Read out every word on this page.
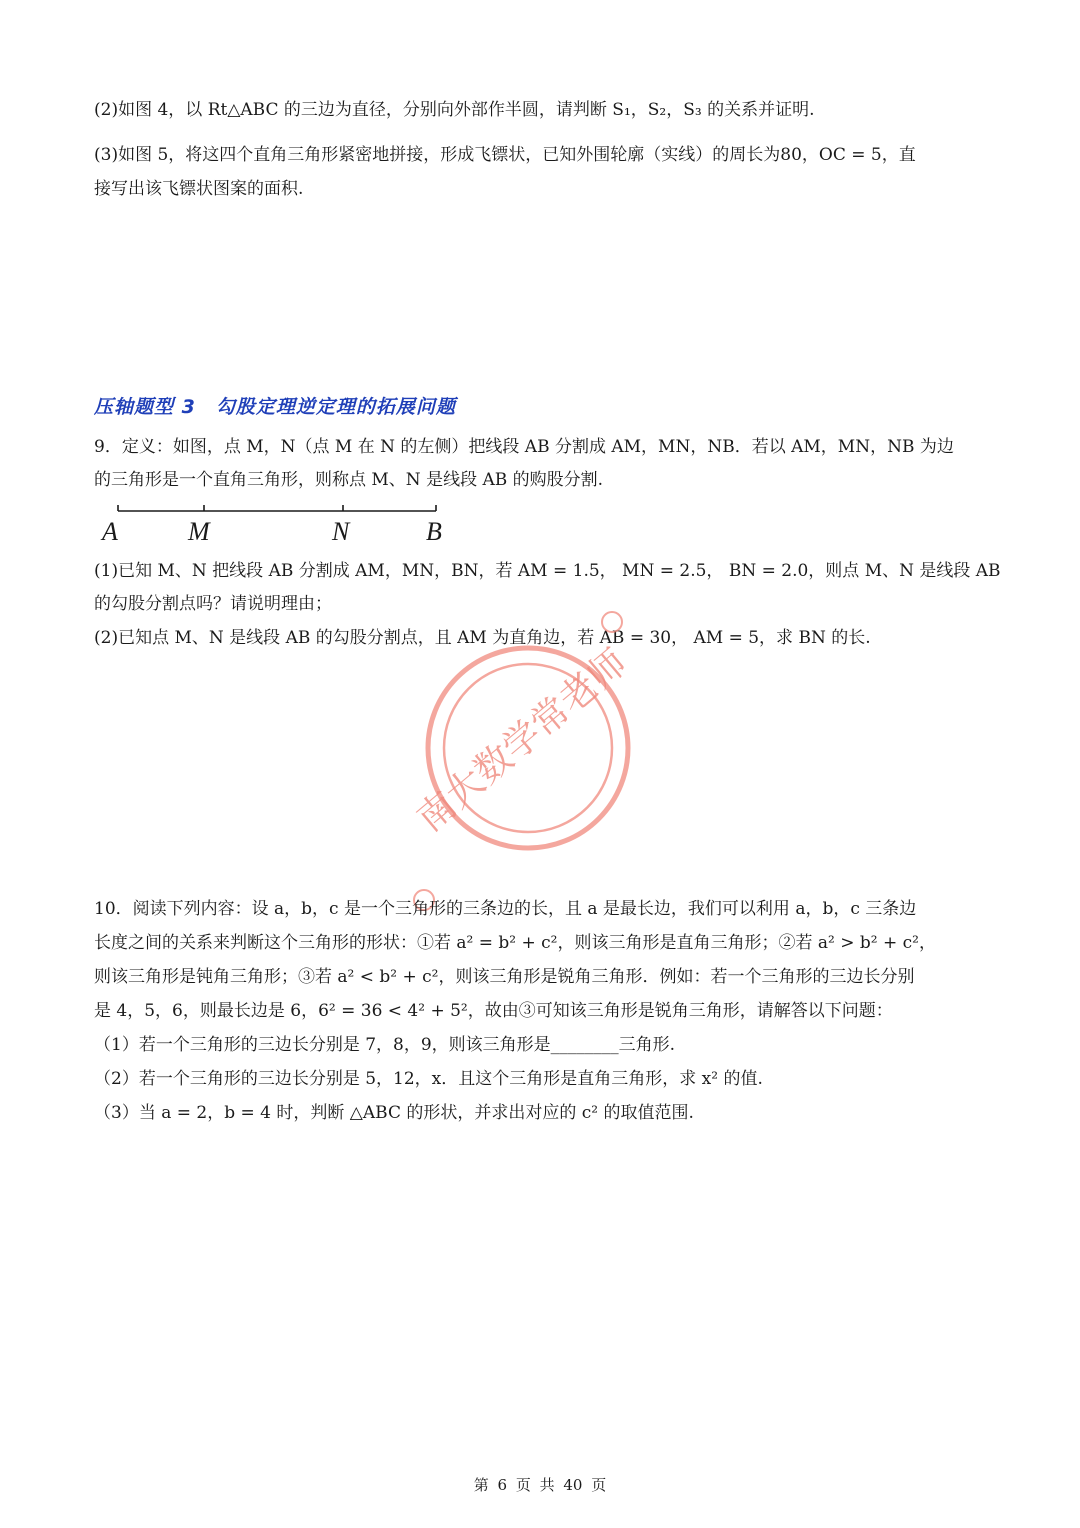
(2)如图 4，以 Rt△ABC 的三边为直径，分别向外部作半圆，请判断 S₁，S₂，S₃ 的关系并证明.
(3)如图 5，将这四个直角三角形紧密地拼接，形成飞镖状，已知外围轮廓（实线）的周长为80，OC = 5，直
接写出该飞镖状图案的面积.
压轴题型 3　勾股定理逆定理的拓展问题
9．定义：如图，点 M，N（点 M 在 N 的左侧）把线段 AB 分割成 AM，MN，NB．若以 AM，MN，NB 为边
的三角形是一个直角三角形，则称点 M、N 是线段 AB 的购股分割.
A	M	N	B
(1)已知 M、N 把线段 AB 分割成 AM，MN，BN，若 AM = 1.5， MN = 2.5， BN = 2.0，则点 M、N 是线段 AB
的勾股分割点吗？请说明理由；
(2)已知点 M、N 是线段 AB 的勾股分割点，且 AM 为直角边，若 AB = 30， AM = 5，求 BN 的长.
南大数学常老师
10．阅读下列内容：设 a，b，c 是一个三角形的三条边的长，且 a 是最长边，我们可以利用 a，b，c 三条边
长度之间的关系来判断这个三角形的形状：①若 a² = b² + c²，则该三角形是直角三角形；②若 a² > b² + c²，
则该三角形是钝角三角形；③若 a² < b² + c²，则该三角形是锐角三角形．例如：若一个三角形的三边长分别
是 4，5，6，则最长边是 6，6² = 36 < 4² + 5²，故由③可知该三角形是锐角三角形，请解答以下问题：
（1）若一个三角形的三边长分别是 7，8，9，则该三角形是________三角形.
（2）若一个三角形的三边长分别是 5，12，x．且这个三角形是直角三角形，求 x² 的值.
（3）当 a = 2，b = 4 时，判断 △ABC 的形状，并求出对应的 c² 的取值范围.
第 6 页 共 40 页
